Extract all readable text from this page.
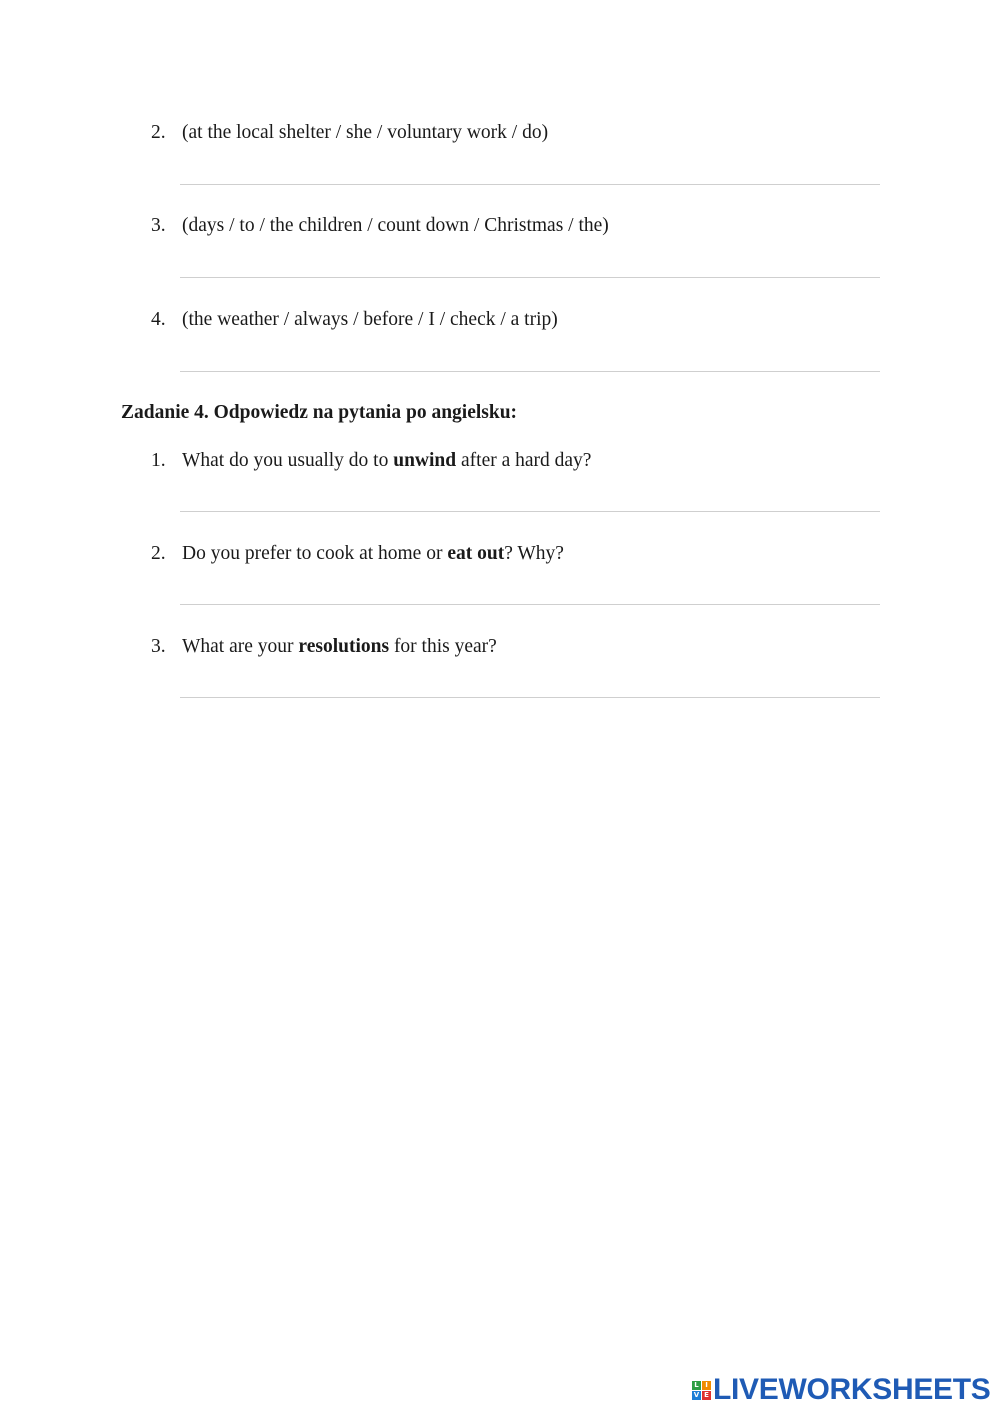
2. (at the local shelter / she / voluntary work / do)
3. (days / to / the children / count down / Christmas / the)
4. (the weather / always / before / I / check / a trip)
Zadanie 4. Odpowiedz na pytania po angielsku:
1. What do you usually do to unwind after a hard day?
2. Do you prefer to cook at home or eat out? Why?
3. What are your resolutions for this year?
L I
V E LIVEWORKSHEETS
